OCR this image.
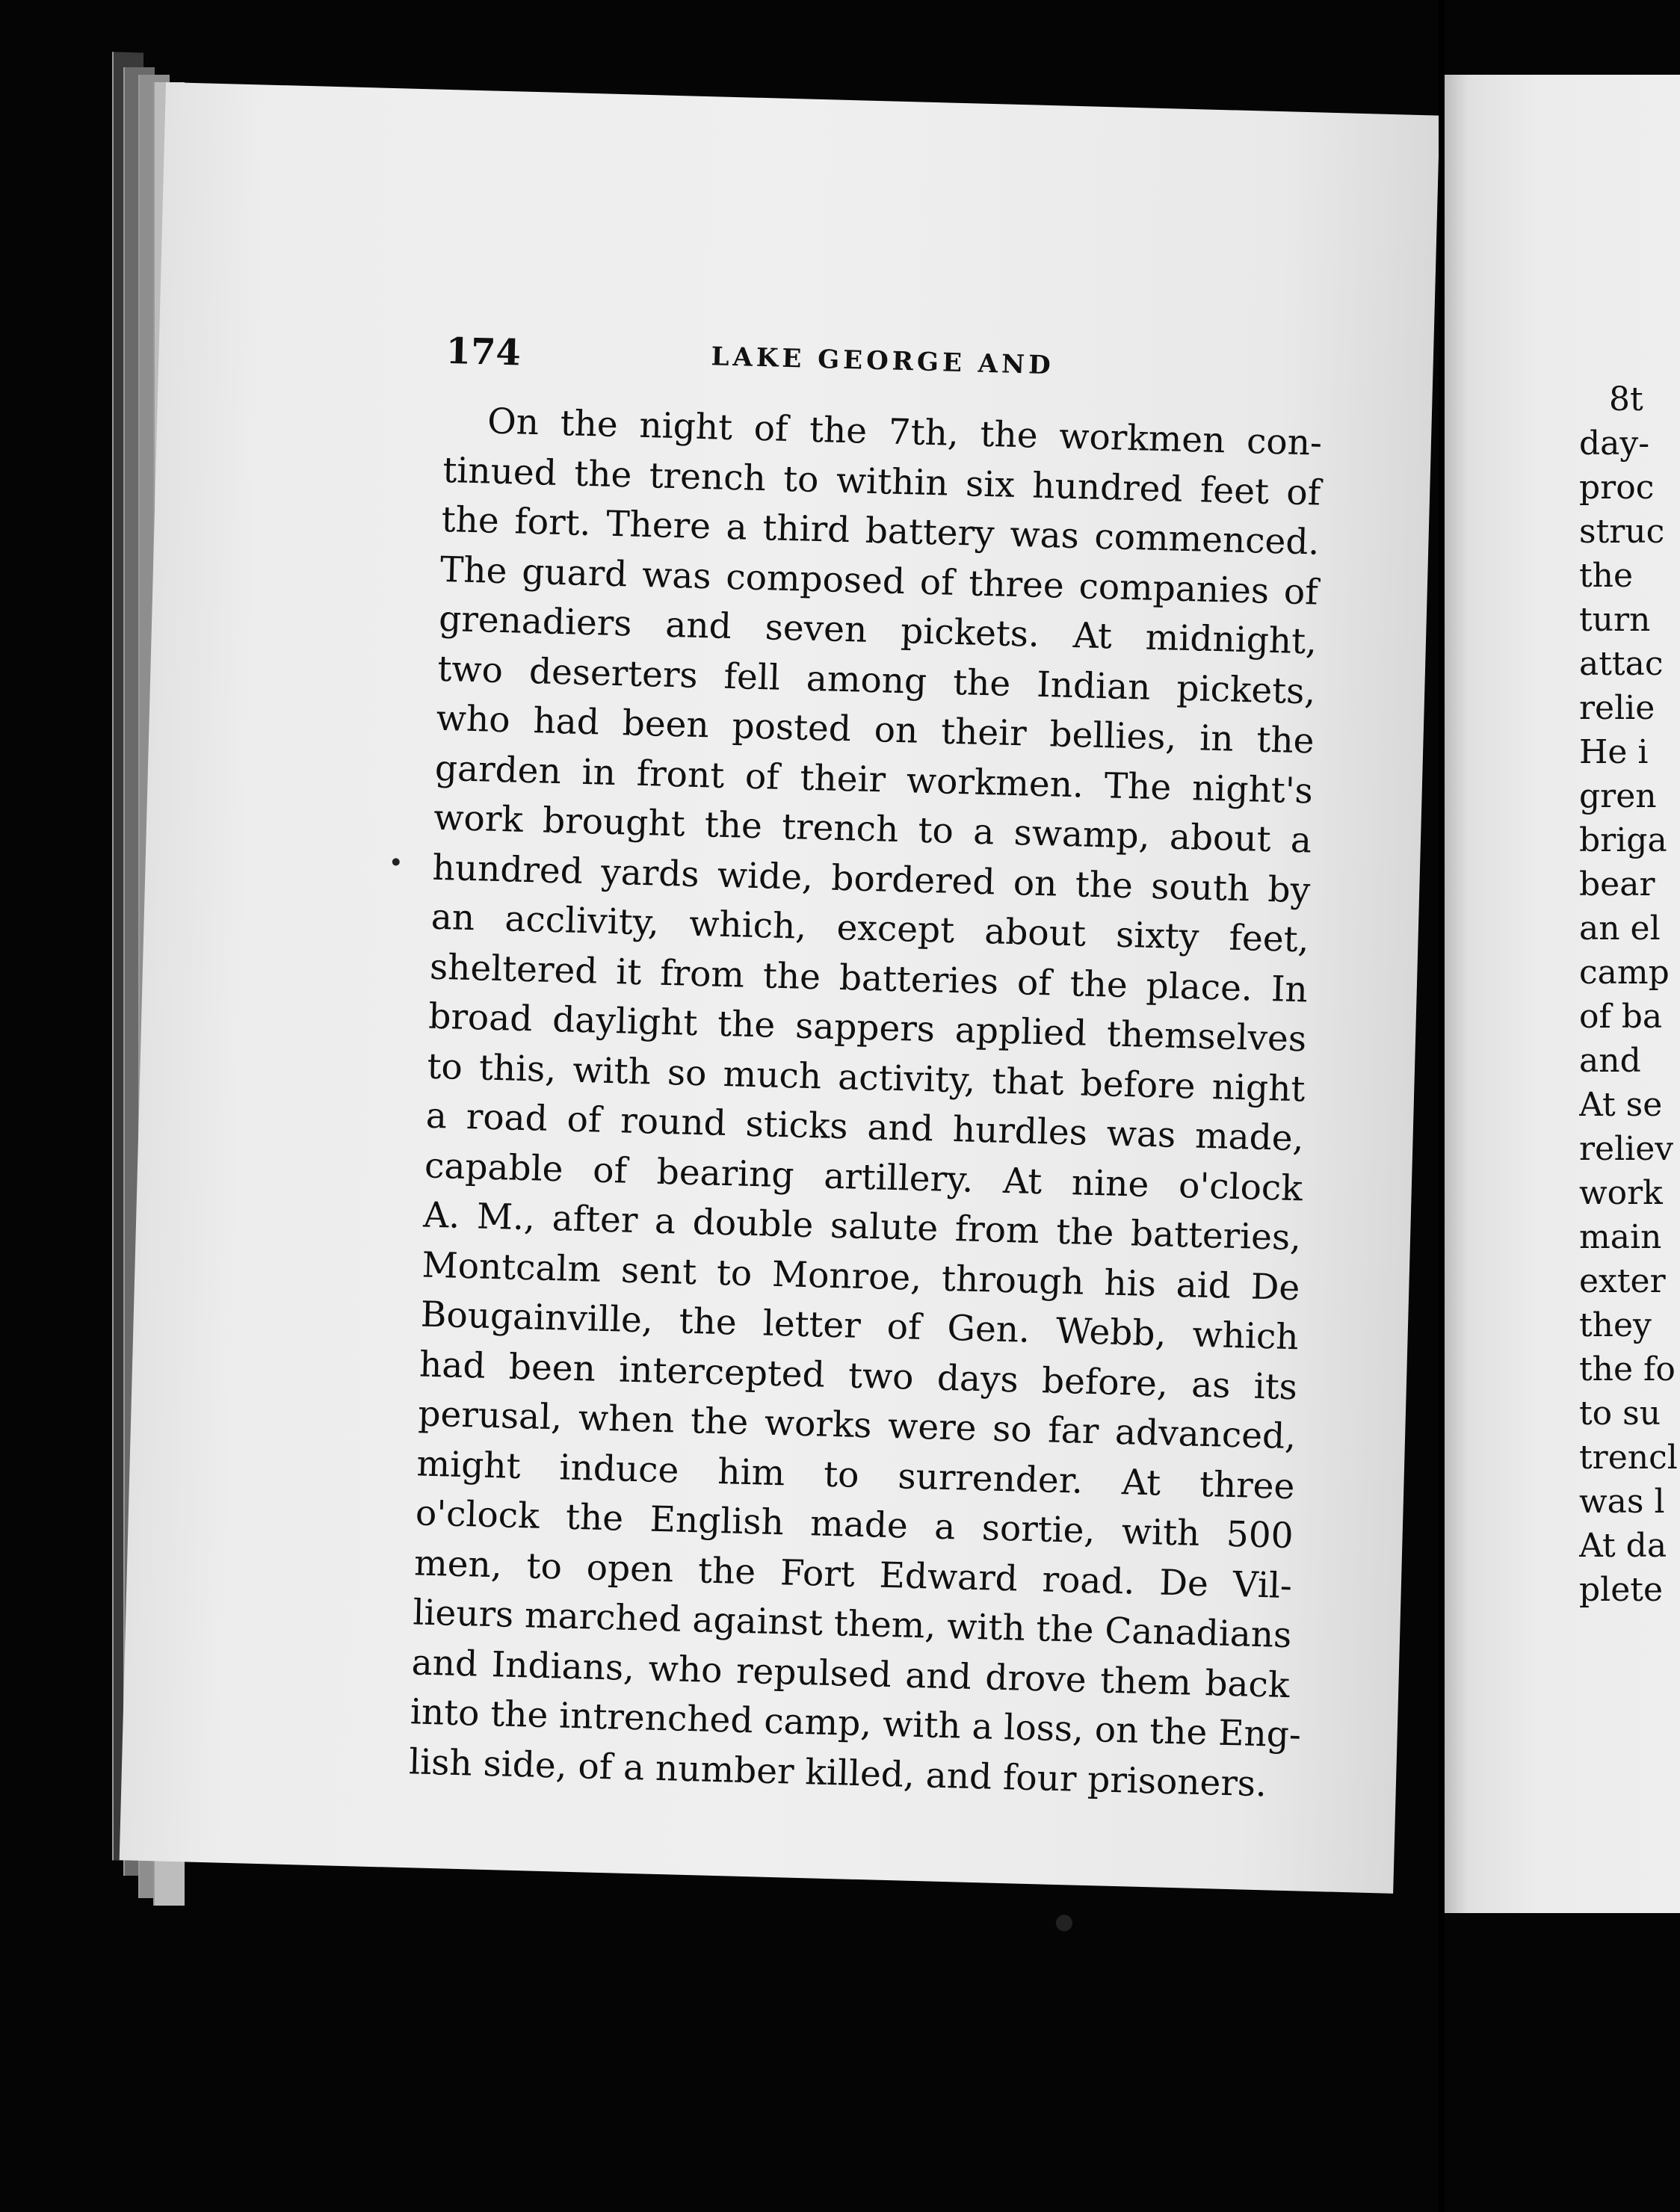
174	LAKE GEORGE AND
On the night of the 7th, the workmen con-
tinued the trench to within six hundred feet of
the fort. There a third battery was commenced.
The guard was composed of three companies of
grenadiers and seven pickets. At midnight,
two deserters fell among the Indian pickets,
who had been posted on their bellies, in the
garden in front of their workmen. The night's
work brought the trench to a swamp, about a
hundred yards wide, bordered on the south by
an acclivity, which, except about sixty feet,
sheltered it from the batteries of the place. In
broad daylight the sappers applied themselves
to this, with so much activity, that before night
a road of round sticks and hurdles was made,
capable of bearing artillery. At nine o'clock
A. M., after a double salute from the batteries,
Montcalm sent to Monroe, through his aid De
Bougainville, the letter of Gen. Webb, which
had been intercepted two days before, as its
perusal, when the works were so far advanced,
might induce him to surrender. At three
o'clock the English made a sortie, with 500
men, to open the Fort Edward road. De Vil-
lieurs marched against them, with the Canadians
and Indians, who repulsed and drove them back
into the intrenched camp, with a loss, on the Eng-
lish side, of a number killed, and four prisoners.
8t
day-
proc
struc
the
turn
attac
relie
He i
gren
briga
bear
an el
camp
of ba
and
At se
reliev
work
main
exter
they
the fo
to su
trencl
was l
At da
plete
